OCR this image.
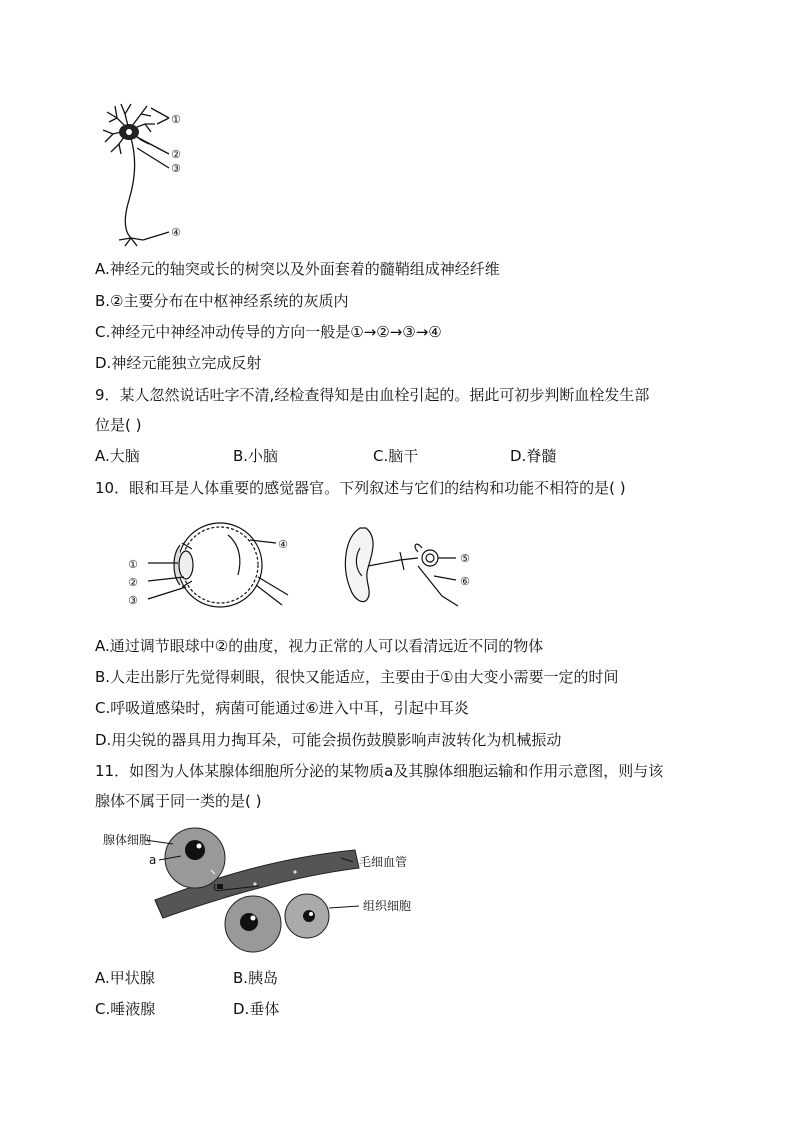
①
②
③
④
A.神经元的轴突或长的树突以及外面套着的髓鞘组成神经纤维
B.②主要分布在中枢神经系统的灰质内
C.神经元中神经冲动传导的方向一般是①→②→③→④
D.神经元能独立完成反射
9．某人忽然说话吐字不清,经检查得知是由血栓引起的。据此可初步判断血栓发生部
位是( )
A.大脑	B.小脑	C.脑干	D.脊髓
10．眼和耳是人体重要的感觉器官。下列叙述与它们的结构和功能不相符的是( )
①
②
③
④
⑤
⑥
A.通过调节眼球中②的曲度，视力正常的人可以看清远近不同的物体
B.人走出影厅先觉得刺眼，很快又能适应，主要由于①由大变小需要一定的时间
C.呼吸道感染时，病菌可能通过⑥进入中耳，引起中耳炎
D.用尖锐的器具用力掏耳朵，可能会损伤鼓膜影响声波转化为机械振动
11．如图为人体某腺体细胞所分泌的某物质a及其腺体细胞运输和作用示意图，则与该
腺体不属于同一类的是( )
腺体细胞
a	毛细血管
组织细胞
A.甲状腺	B.胰岛
C.唾液腺	D.垂体
